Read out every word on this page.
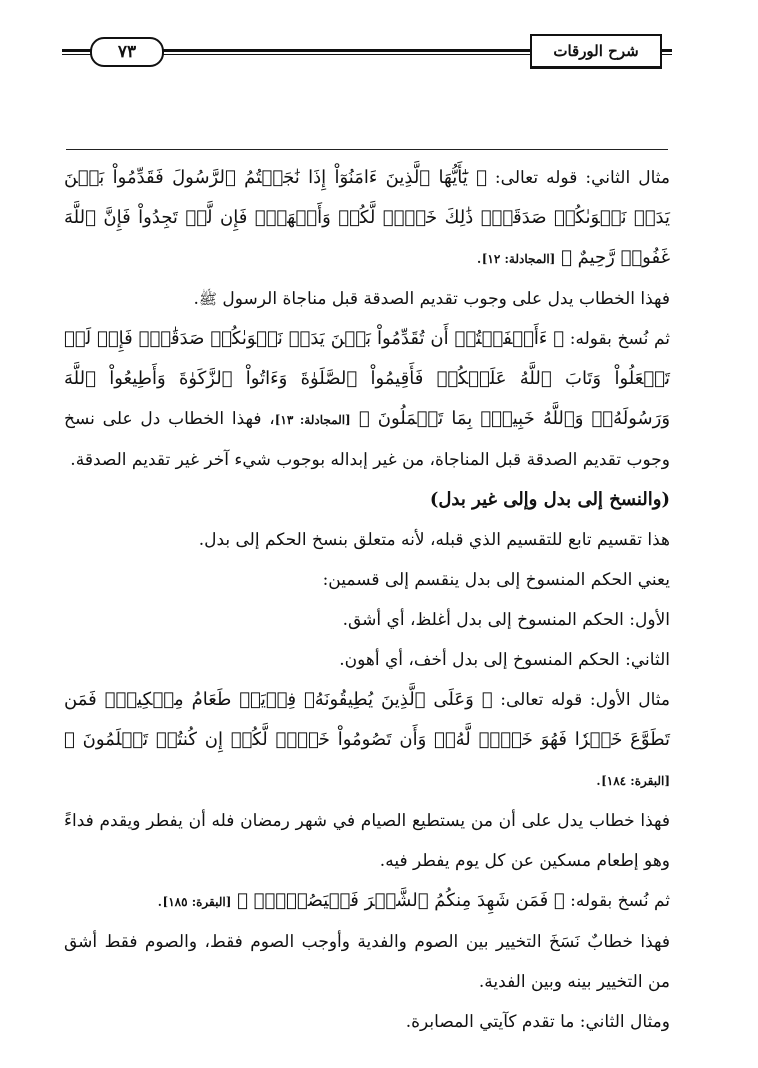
٧٣	شرح الورقات

مثال الثاني: قوله تعالى: ﴿ يَٰٓأَيُّهَا ٱلَّذِينَ ءَامَنُوٓاْ إِذَا نَٰجَيۡتُمُ ٱلرَّسُولَ فَقَدِّمُواْ بَيۡنَ يَدَيۡ نَجۡوَىٰكُمۡ صَدَقَةٗۚ ذَٰلِكَ خَيۡرٞ لَّكُمۡ وَأَطۡهَرُۚ فَإِن لَّمۡ تَجِدُواْ فَإِنَّ ٱللَّهَ غَفُورٞ رَّحِيمٌ ﴾ [المجادلة: ١٢].

فهذا الخطاب يدل على وجوب تقديم الصدقة قبل مناجاة الرسول ﷺ.

ثم نُسخ بقوله: ﴿ ءَأَشۡفَقۡتُمۡ أَن تُقَدِّمُواْ بَيۡنَ يَدَيۡ نَجۡوَىٰكُمۡ صَدَقَٰتٖۚ فَإِذۡ لَمۡ تَفۡعَلُواْ وَتَابَ ٱللَّهُ عَلَيۡكُمۡ فَأَقِيمُواْ ٱلصَّلَوٰةَ وَءَاتُواْ ٱلزَّكَوٰةَ وَأَطِيعُواْ ٱللَّهَ وَرَسُولَهُۥۚ وَٱللَّهُ خَبِيرُۢ بِمَا تَعۡمَلُونَ ﴾ [المجادلة: ١٣]، فهذا الخطاب دل على نسخ وجوب تقديم الصدقة قبل المناجاة، من غير إبداله بوجوب شيء آخر غير تقديم الصدقة.

(والنسخ إلى بدل وإلى غير بدل)

هذا تقسيم تابع للتقسيم الذي قبله، لأنه متعلق بنسخ الحكم إلى بدل.

يعني الحكم المنسوخ إلى بدل ينقسم إلى قسمين:

الأول: الحكم المنسوخ إلى بدل أغلظ، أي أشق.

الثاني: الحكم المنسوخ إلى بدل أخف، أي أهون.

مثال الأول: قوله تعالى: ﴿ وَعَلَى ٱلَّذِينَ يُطِيقُونَهُۥ فِدۡيَةٞ طَعَامُ مِسۡكِينٖۖ فَمَن تَطَوَّعَ خَيۡرٗا فَهُوَ خَيۡرٞ لَّهُۥۚ وَأَن تَصُومُواْ خَيۡرٞ لَّكُمۡ إِن كُنتُمۡ تَعۡلَمُونَ ﴾ [البقرة: ١٨٤].

فهذا خطاب يدل على أن من يستطيع الصيام في شهر رمضان فله أن يفطر ويقدم فداءً وهو إطعام مسكين عن كل يوم يفطر فيه.

ثم نُسخ بقوله: ﴿ فَمَن شَهِدَ مِنكُمُ ٱلشَّهۡرَ فَلۡيَصُمۡهُۖ ﴾ [البقرة: ١٨٥].

فهذا خطابٌ نَسَخَ التخيير بين الصوم والفدية وأوجب الصوم فقط، والصوم فقط أشق من التخيير بينه وبين الفدية.

ومثال الثاني: ما تقدم كآيتي المصابرة.
